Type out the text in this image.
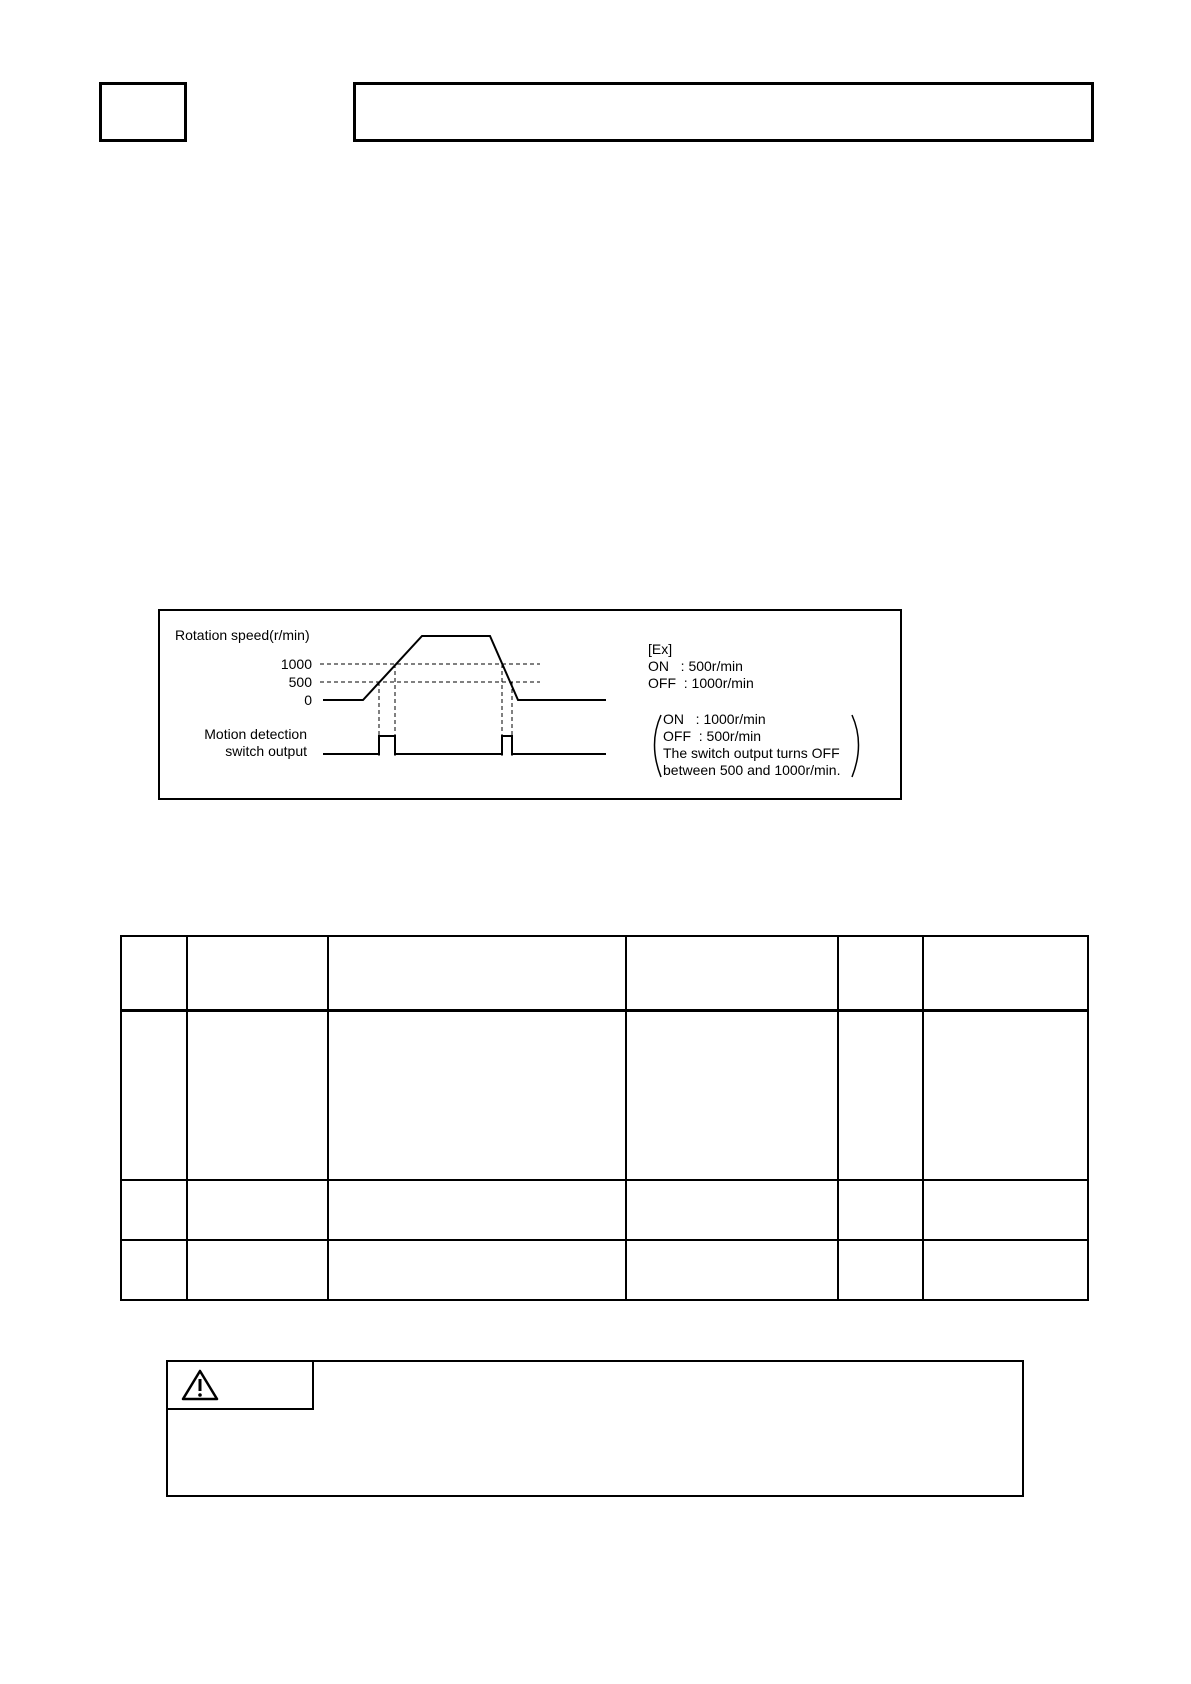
Rotation speed(r/min)
1000
500
0
Motion detection
switch output
[Ex]
ON   : 500r/min
OFF  : 1000r/min
ON   : 1000r/min
OFF  : 500r/min
The switch output turns OFF
between 500 and 1000r/min.
